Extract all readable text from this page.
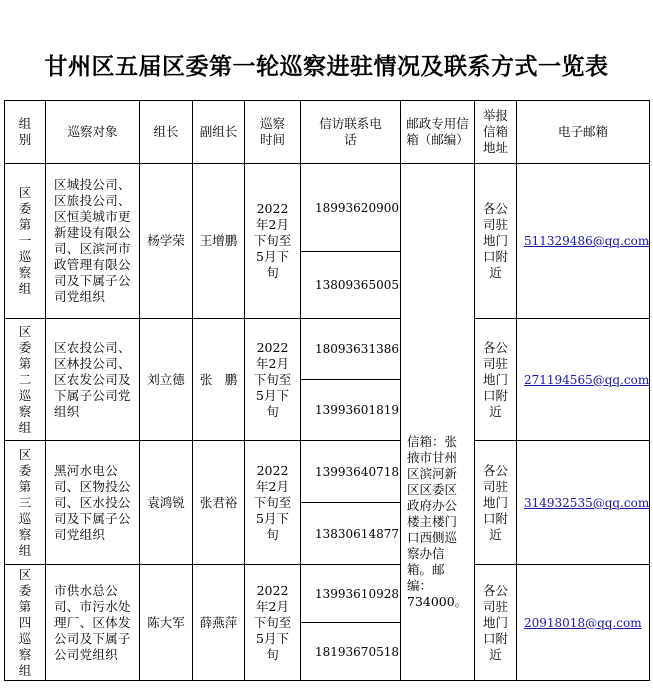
甘州区五届区委第一轮巡察进驻情况及联系方式一览表
组别	巡察对象	组长	副组长	巡察时间	信访联系电话	邮政专用信箱（邮编）	举报信箱地址	电子邮箱
区委第一巡察组	区城投公司、区旅投公司、区恒美城市更新建设有限公司、区滨河市政管理有限公司及下属子公司党组织	杨学荣	王增鹏	2022年2月下旬至5月下旬	18993620900	信箱：张掖市甘州区滨河新区区委区政府办公楼主楼门口西侧巡察办信箱。邮编：734000。	各公司驻地门口附近	511329486@qq.com
					13809365005			
区委第二巡察组	区农投公司、区林投公司、区农发公司及下属子公司党组织	刘立德	张　鹏	2022年2月下旬至5月下旬	18093631386		各公司驻地门口附近	271194565@qq.com
					13993601819			
区委第三巡察组	黑河水电公司、区物投公司、区水投公司及下属子公司党组织	袁鸿锐	张君裕	2022年2月下旬至5月下旬	13993640718		各公司驻地门口附近	314932535@qq.com
					13830614877			
区委第四巡察组	市供水总公司、市污水处理厂、区体发公司及下属子公司党组织	陈大军	薛燕萍	2022年2月下旬至5月下旬	13993610928		各公司驻地门口附近	20918018@qq.com
					18193670518			
